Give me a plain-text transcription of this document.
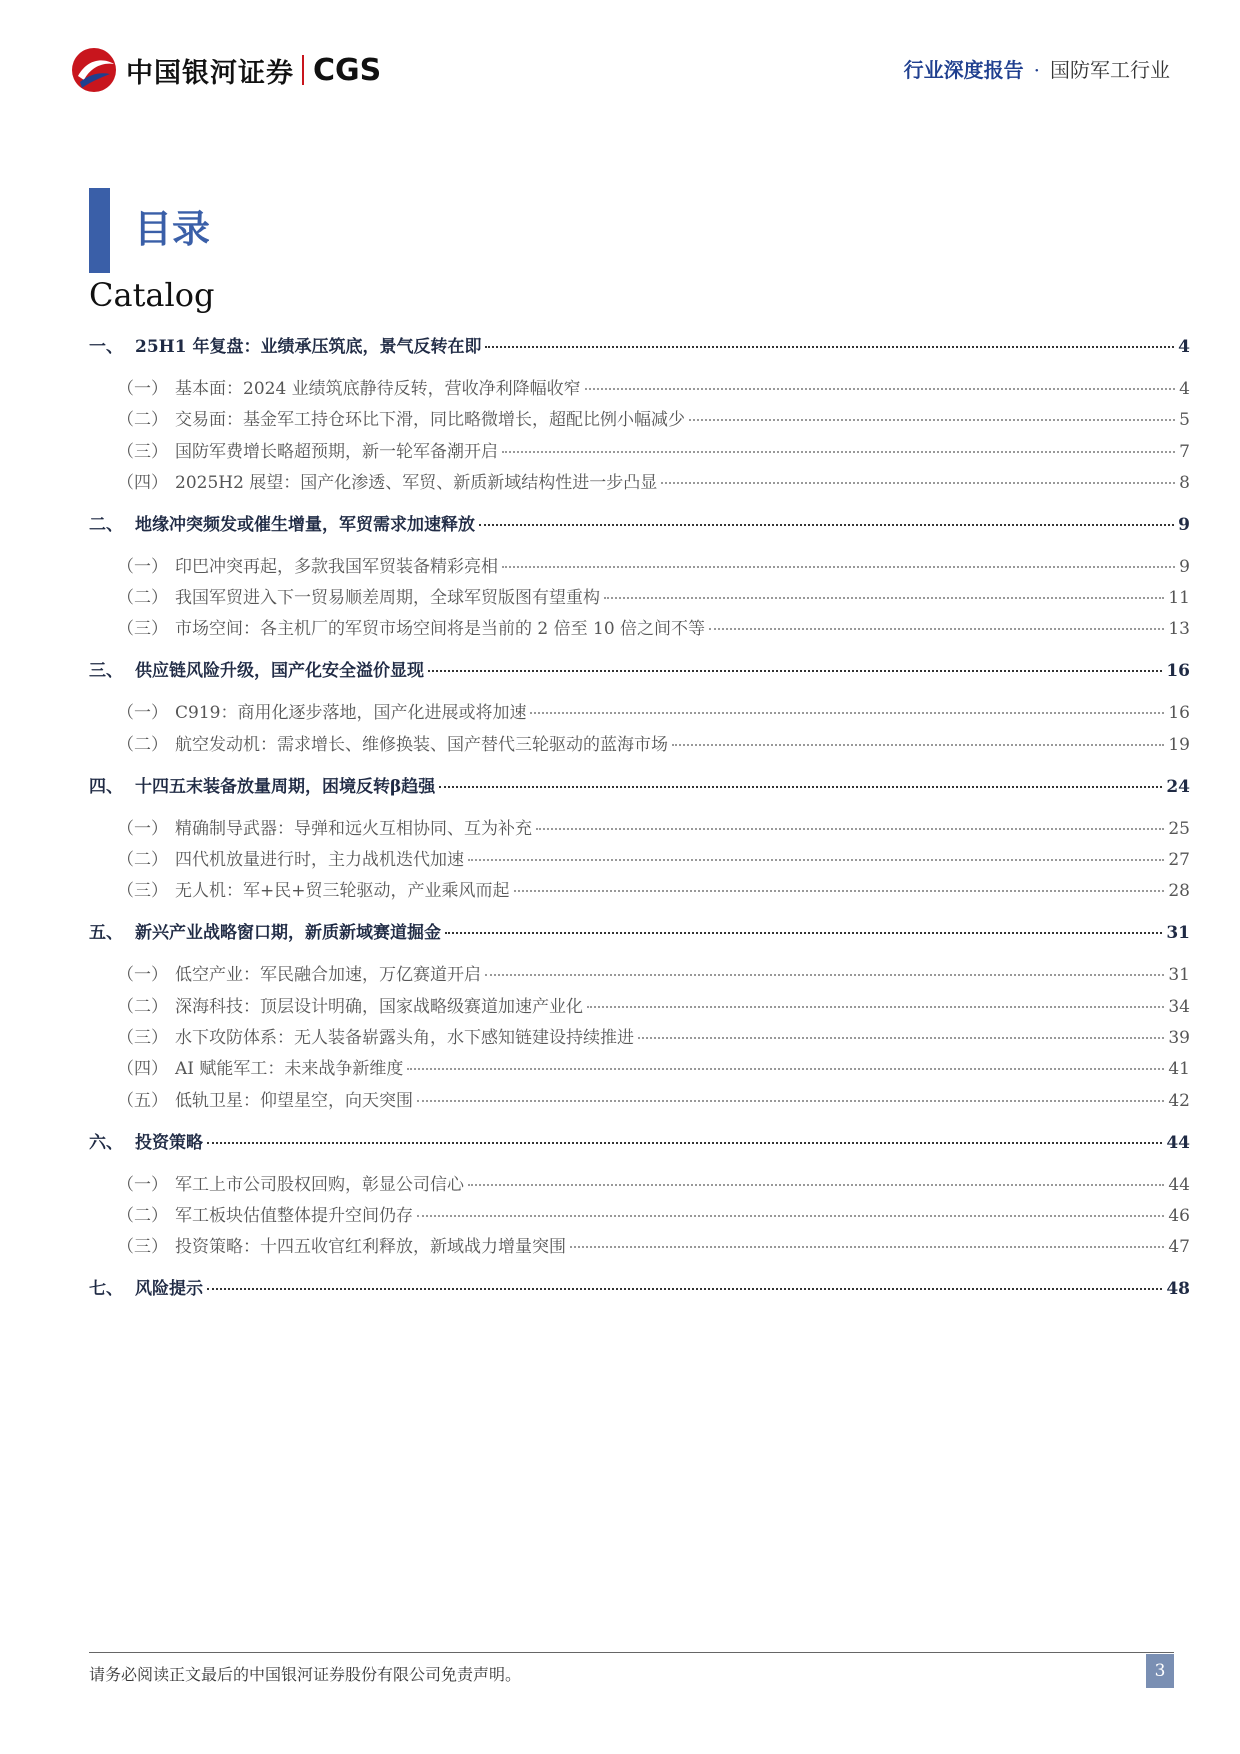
中国银河证券 CGS	行业深度报告 · 国防军工行业
目录
Catalog
一、 25H1 年复盘：业绩承压筑底，景气反转在即	4
（一） 基本面：2024 业绩筑底静待反转，营收净利降幅收窄	4
（二） 交易面：基金军工持仓环比下滑，同比略微增长，超配比例小幅减少	5
（三） 国防军费增长略超预期，新一轮军备潮开启	7
（四） 2025H2 展望：国产化渗透、军贸、新质新域结构性进一步凸显	8
二、 地缘冲突频发或催生增量，军贸需求加速释放	9
（一） 印巴冲突再起，多款我国军贸装备精彩亮相	9
（二） 我国军贸进入下一贸易顺差周期，全球军贸版图有望重构	11
（三） 市场空间：各主机厂的军贸市场空间将是当前的 2 倍至 10 倍之间不等	13
三、 供应链风险升级，国产化安全溢价显现	16
（一） C919：商用化逐步落地，国产化进展或将加速	16
（二） 航空发动机：需求增长、维修换装、国产替代三轮驱动的蓝海市场	19
四、 十四五末装备放量周期，困境反转β趋强	24
（一） 精确制导武器：导弹和远火互相协同、互为补充	25
（二） 四代机放量进行时，主力战机迭代加速	27
（三） 无人机：军+民+贸三轮驱动，产业乘风而起	28
五、 新兴产业战略窗口期，新质新域赛道掘金	31
（一） 低空产业：军民融合加速，万亿赛道开启	31
（二） 深海科技：顶层设计明确，国家战略级赛道加速产业化	34
（三） 水下攻防体系：无人装备崭露头角，水下感知链建设持续推进	39
（四） AI 赋能军工：未来战争新维度	41
（五） 低轨卫星：仰望星空，向天突围	42
六、 投资策略	44
（一） 军工上市公司股权回购，彰显公司信心	44
（二） 军工板块估值整体提升空间仍存	46
（三） 投资策略：十四五收官红利释放，新域战力增量突围	47
七、 风险提示	48
请务必阅读正文最后的中国银河证券股份有限公司免责声明。	3
